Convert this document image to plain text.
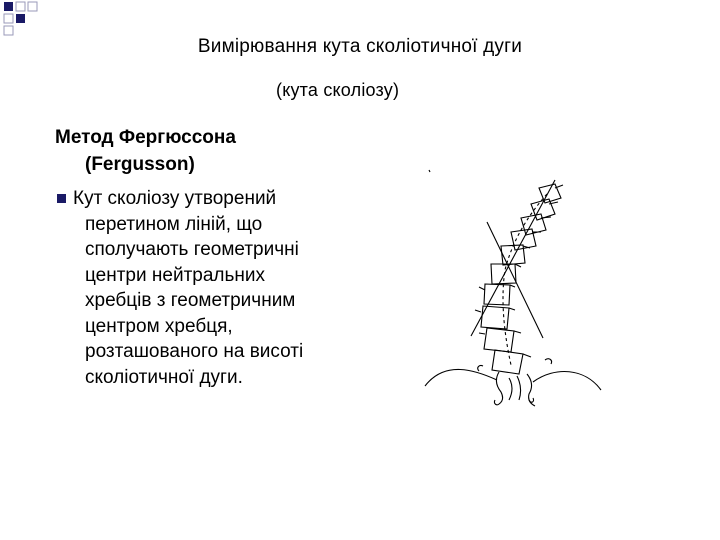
Вимірювання кута сколіотичної дуги
(кута сколіозу)
Метод Фергюссона
(Fergusson)
Кут сколіозу утворений
перетином ліній, що
сполучають геометричні
центри нейтральних
хребців з геометричним
центром хребця,
розташованого на висоті
сколіотичної дуги.
